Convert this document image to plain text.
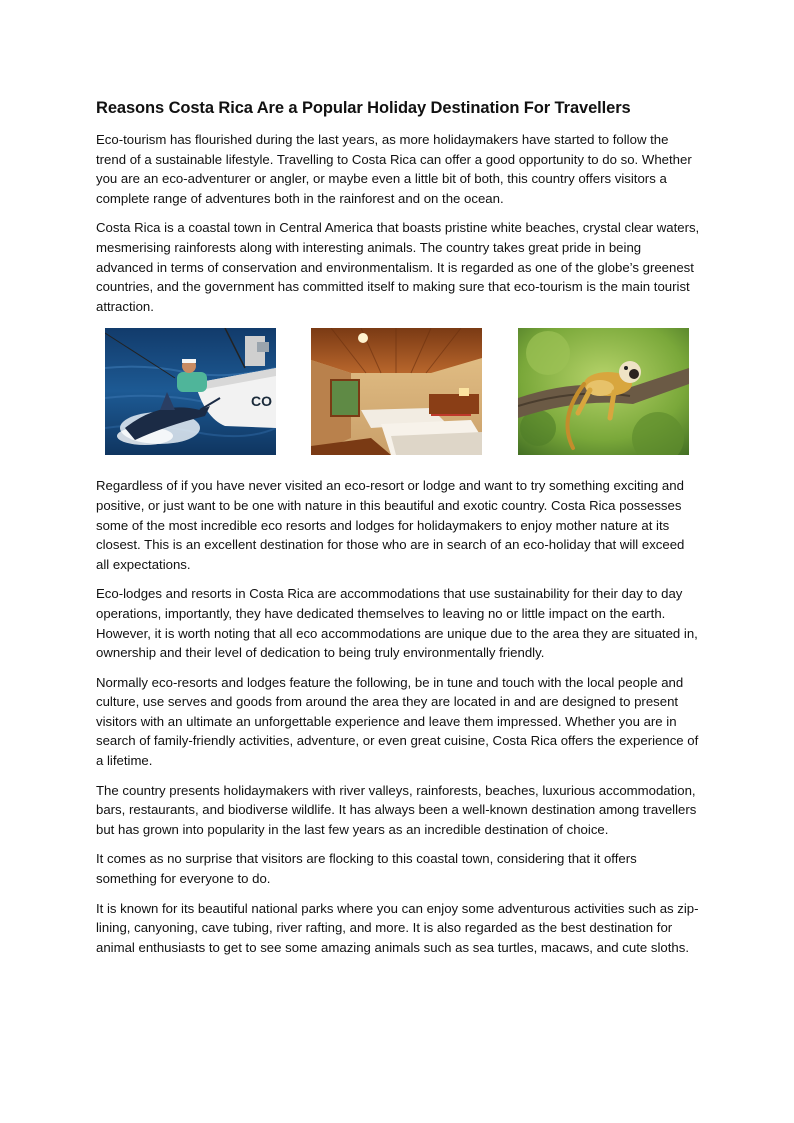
Reasons Costa Rica Are a Popular Holiday Destination For Travellers

Eco-tourism has flourished during the last years, as more holidaymakers have started to follow the trend of a sustainable lifestyle. Travelling to Costa Rica can offer a good opportunity to do so. Whether you are an eco-adventurer or angler, or maybe even a little bit of both, this country offers visitors a complete range of adventures both in the rainforest and on the ocean.

Costa Rica is a coastal town in Central America that boasts pristine white beaches, crystal clear waters, mesmerising rainforests along with interesting animals. The country takes great pride in being advanced in terms of conservation and environmentalism. It is regarded as one of the globe’s greenest countries, and the government has committed itself to making sure that eco-tourism is the main tourist attraction.

CO

Regardless of if you have never visited an eco-resort or lodge and want to try something exciting and positive, or just want to be one with nature in this beautiful and exotic country. Costa Rica possesses some of the most incredible eco resorts and lodges for holidaymakers to enjoy mother nature at its closest. This is an excellent destination for those who are in search of an eco-holiday that will exceed all expectations.

Eco-lodges and resorts in Costa Rica are accommodations that use sustainability for their day to day operations, importantly, they have dedicated themselves to leaving no or little impact on the earth. However, it is worth noting that all eco accommodations are unique due to the area they are situated in, ownership and their level of dedication to being truly environmentally friendly.

Normally eco-resorts and lodges feature the following, be in tune and touch with the local people and culture, use serves and goods from around the area they are located in and are designed to present visitors with an ultimate an unforgettable experience and leave them impressed. Whether you are in search of family-friendly activities, adventure, or even great cuisine, Costa Rica offers the experience of a lifetime.

The country presents holidaymakers with river valleys, rainforests, beaches, luxurious accommodation, bars, restaurants, and biodiverse wildlife. It has always been a well-known destination among travellers but has grown into popularity in the last few years as an incredible destination of choice.

It comes as no surprise that visitors are flocking to this coastal town, considering that it offers something for everyone to do.

It is known for its beautiful national parks where you can enjoy some adventurous activities such as zip-lining, canyoning, cave tubing, river rafting, and more. It is also regarded as the best destination for animal enthusiasts to get to see some amazing animals such as sea turtles, macaws, and cute sloths.
